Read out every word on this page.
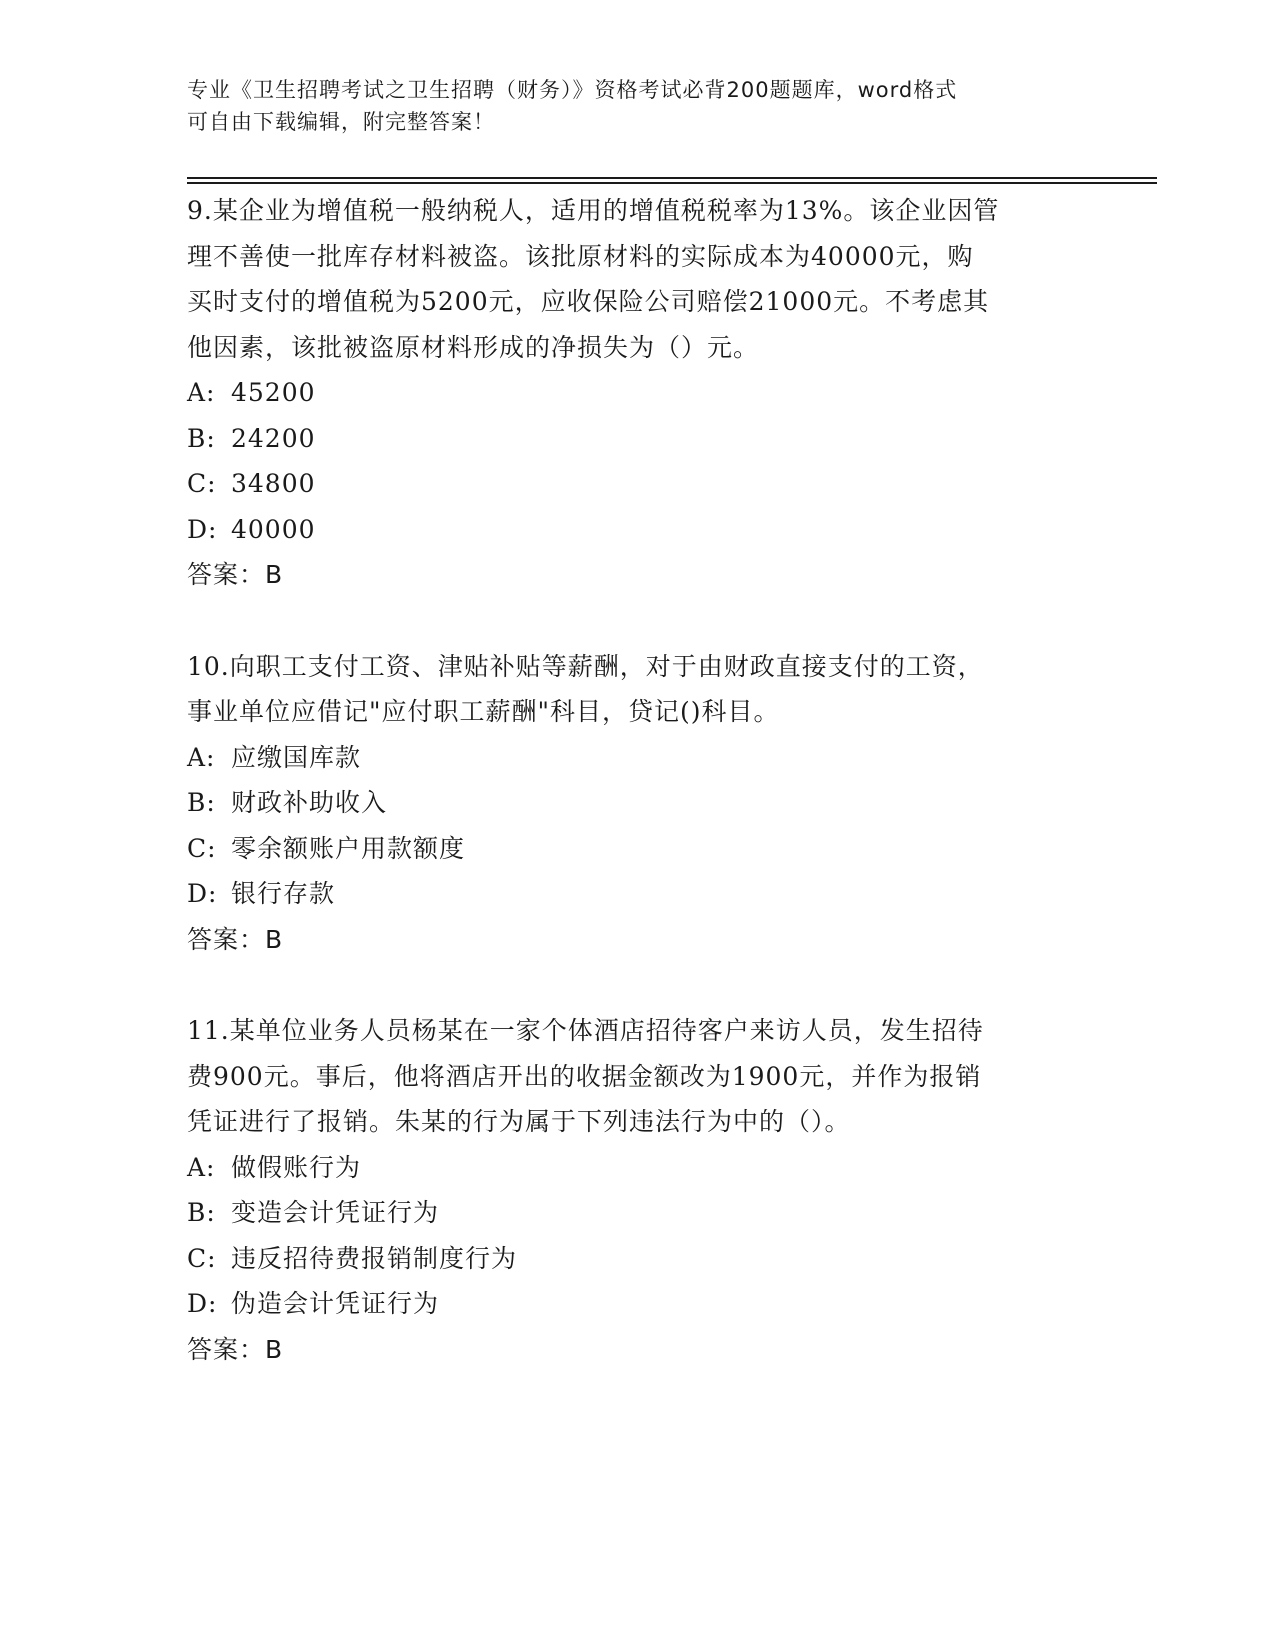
专业《卫生招聘考试之卫生招聘（财务）》资格考试必背200题题库，word格式
可自由下载编辑，附完整答案！
9.某企业为增值税一般纳税人，适用的增值税税率为13%。该企业因管
理不善使一批库存材料被盗。该批原材料的实际成本为40000元，购
买时支付的增值税为5200元，应收保险公司赔偿21000元。不考虑其
他因素，该批被盗原材料形成的净损失为（）元。
A: 45200
B: 24200
C: 34800
D: 40000
答案：B
10.向职工支付工资、津贴补贴等薪酬，对于由财政直接支付的工资，
事业单位应借记"应付职工薪酬"科目，贷记()科目。
A: 应缴国库款
B: 财政补助收入
C: 零余额账户用款额度
D: 银行存款
答案：B
11.某单位业务人员杨某在一家个体酒店招待客户来访人员，发生招待
费900元。事后，他将酒店开出的收据金额改为1900元，并作为报销
凭证进行了报销。朱某的行为属于下列违法行为中的（）。
A: 做假账行为
B: 变造会计凭证行为
C: 违反招待费报销制度行为
D: 伪造会计凭证行为
答案：B
